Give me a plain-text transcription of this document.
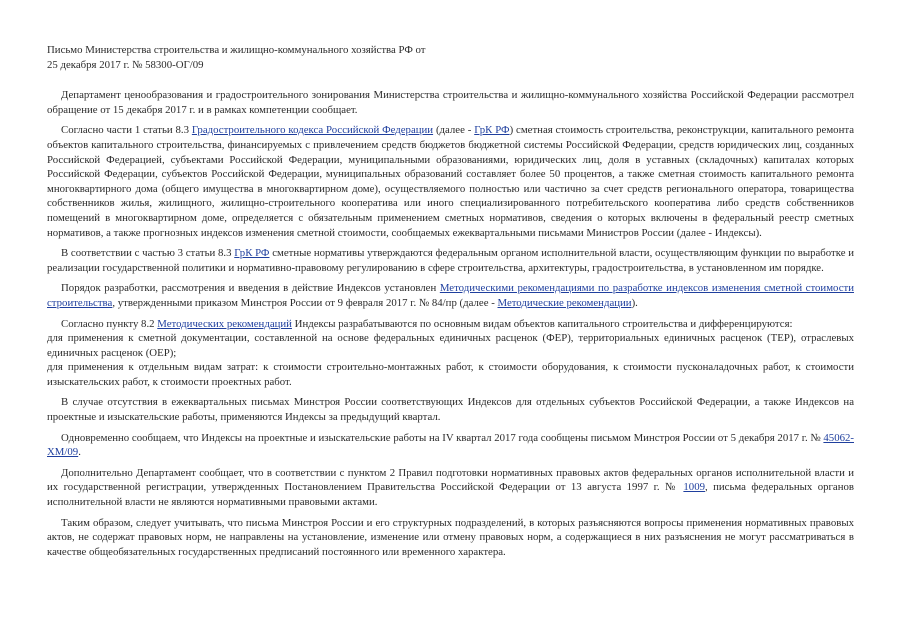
Письмо Министерства строительства и жилищно-коммунального хозяйства РФ от 25 декабря 2017 г. № 58300-ОГ/09

Департамент ценообразования и градостроительного зонирования Министерства строительства и жилищно-коммунального хозяйства Российской Федерации рассмотрел обращение от 15 декабря 2017 г. и в рамках компетенции сообщает.

Согласно части 1 статьи 8.3 Градостроительного кодекса Российской Федерации (далее - ГрК РФ) сметная стоимость строительства, реконструкции, капитального ремонта объектов капитального строительства, финансируемых с привлечением средств бюджетов бюджетной системы Российской Федерации, средств юридических лиц, созданных Российской Федерацией, субъектами Российской Федерации, муниципальными образованиями, юридических лиц, доля в уставных (складочных) капиталах которых Российской Федерации, субъектов Российской Федерации, муниципальных образований составляет более 50 процентов, а также сметная стоимость капитального ремонта многоквартирного дома (общего имущества в многоквартирном доме), осуществляемого полностью или частично за счет средств регионального оператора, товарищества собственников жилья, жилищного, жилищно-строительного кооператива или иного специализированного потребительского кооператива либо средств собственников помещений в многоквартирном доме, определяется с обязательным применением сметных нормативов, сведения о которых включены в федеральный реестр сметных нормативов, а также прогнозных индексов изменения сметной стоимости, сообщаемых ежеквартальными письмами Министров России (далее - Индексы).

В соответствии с частью 3 статьи 8.3 ГрК РФ сметные нормативы утверждаются федеральным органом исполнительной власти, осуществляющим функции по выработке и реализации государственной политики и нормативно-правовому регулированию в сфере строительства, архитектуры, градостроительства, в установленном им порядке.

Порядок разработки, рассмотрения и введения в действие Индексов установлен Методическими рекомендациями по разработке индексов изменения сметной стоимости строительства, утвержденными приказом Минстроя России от 9 февраля 2017 г. № 84/пр (далее - Методические рекомендации).

Согласно пункту 8.2 Методических рекомендаций Индексы разрабатываются по основным видам объектов капитального строительства и дифференцируются:

для применения к сметной документации, составленной на основе федеральных единичных расценок (ФЕР), территориальных единичных расценок (ТЕР), отраслевых единичных расценок (ОЕР);

для применения к отдельным видам затрат: к стоимости строительно-монтажных работ, к стоимости оборудования, к стоимости пусконаладочных работ, к стоимости изыскательских работ, к стоимости проектных работ.

В случае отсутствия в ежеквартальных письмах Минстроя России соответствующих Индексов для отдельных субъектов Российской Федерации, а также Индексов на проектные и изыскательские работы, применяются Индексы за предыдущий квартал.

Одновременно сообщаем, что Индексы на проектные и изыскательские работы на IV квартал 2017 года сообщены письмом Минстроя России от 5 декабря 2017 г. № 45062-ХМ/09.

Дополнительно Департамент сообщает, что в соответствии с пунктом 2 Правил подготовки нормативных правовых актов федеральных органов исполнительной власти и их государственной регистрации, утвержденных Постановлением Правительства Российской Федерации от 13 августа 1997 г. № 1009, письма федеральных органов исполнительной власти не являются нормативными правовыми актами.

Таким образом, следует учитывать, что письма Минстроя России и его структурных подразделений, в которых разъясняются вопросы применения нормативных правовых актов, не содержат правовых норм, не направлены на установление, изменение или отмену правовых норм, а содержащиеся в них разъяснения не могут рассматриваться в качестве общеобязательных государственных предписаний постоянного или временного характера.
